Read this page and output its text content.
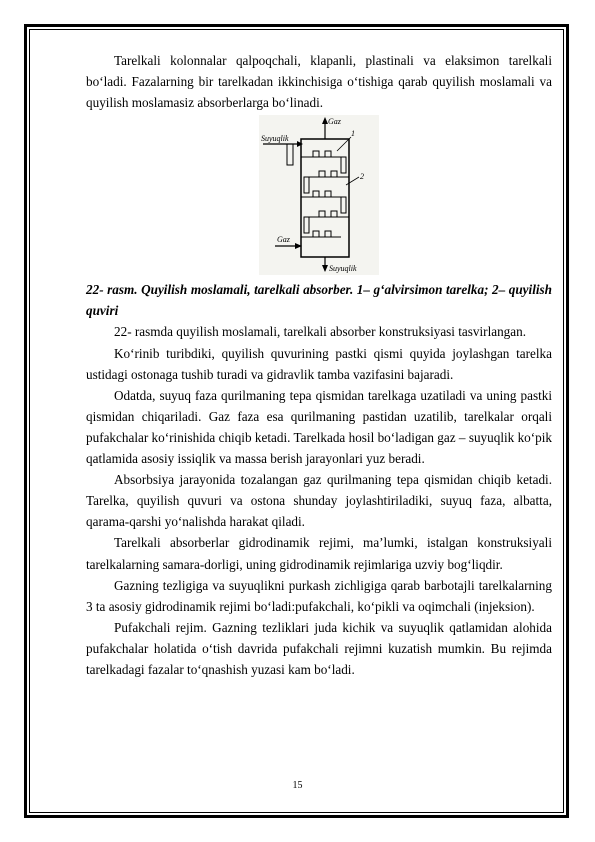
Tarelkali kolonnalar qalpoqchali, klapanli, plastinali va elaksimon tarelkali bo‘ladi. Fazalarning bir tarelkadan ikkinchisiga o‘tishiga qarab quyilish moslamali va quyilish moslamasiz absorberlarga bo‘linadi.

Gaz
Suyuqlik
1
2
Gaz
Suyuqlik

22- rasm. Quyilish moslamali, tarelkali absorber. 1– g‘alvirsimon tarelka; 2– quyilish quviri

22- rasmda quyilish moslamali, tarelkali absorber konstruksiyasi tasvirlangan.

Ko‘rinib turibdiki, quyilish quvurining pastki qismi quyida joylashgan tarelka ustidagi ostonaga tushib turadi va gidravlik tamba vazifasini bajaradi.

Odatda, suyuq faza qurilmaning tepa qismidan tarelkaga uzatiladi va uning pastki qismidan chiqariladi. Gaz faza esa qurilmaning pastidan uzatilib, tarelkalar orqali pufakchalar ko‘rinishida chiqib ketadi. Tarelkada hosil bo‘ladigan gaz – suyuqlik ko‘pik qatlamida asosiy issiqlik va massa berish jarayonlari yuz beradi.

Absorbsiya jarayonida tozalangan gaz qurilmaning tepa qismidan chiqib ketadi. Tarelka, quyilish quvuri va ostona shunday joylashtiriladiki, suyuq faza, albatta, qarama-qarshi yo‘nalishda harakat qiladi.

Tarelkali absorberlar gidrodinamik rejimi, ma’lumki, istalgan konstruksiyali tarelkalarning samara-dorligi, uning gidrodinamik rejimlariga uzviy bog‘liqdir.

Gazning tezligiga va suyuqlikni purkash zichligiga qarab barbotajli tarelkalarning 3 ta asosiy gidrodinamik rejimi bo‘ladi:pufakchali, ko‘pikli va oqimchali (injeksion).

Pufakchali rejim. Gazning tezliklari juda kichik va suyuqlik qatlamidan alohida pufakchalar holatida o‘tish davrida pufakchali rejimni kuzatish mumkin. Bu rejimda tarelkadagi fazalar to‘qnashish yuzasi kam bo‘ladi.

15
